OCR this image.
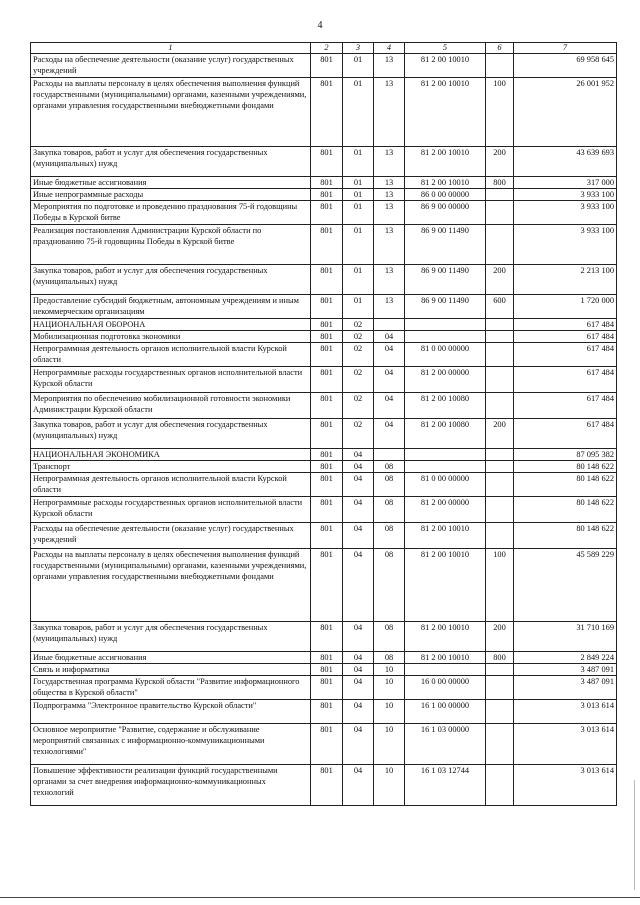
4
1	2	3	4	5	6	7
Расходы на обеспечение деятельности (оказание услуг) государственных учреждений	801	01	13	81 2 00 10010		69 958 645
Расходы на выплаты персоналу в целях обеспечения выполнения функций государственными (муниципальными) органами, казенными учреждениями, органами управления государственными внебюджетными фондами	801	01	13	81 2 00 10010	100	26 001 952
Закупка товаров, работ и услуг для обеспечения государственных (муниципальных) нужд	801	01	13	81 2 00 10010	200	43 639 693
Иные бюджетные ассигнования	801	01	13	81 2 00 10010	800	317 000
Иные непрограммные расходы	801	01	13	86 0 00 00000		3 933 100
Мероприятия по подготовке и проведению празднования 75-й годовщины Победы в Курской битве	801	01	13	86 9 00 00000		3 933 100
Реализация постановления Администрации Курской области по празднованию 75-й годовщины Победы в Курской битве	801	01	13	86 9 00 11490		3 933 100
Закупка товаров, работ и услуг для обеспечения государственных (муниципальных) нужд	801	01	13	86 9 00 11490	200	2 213 100
Предоставление субсидий бюджетным, автономным учреждениям и иным некоммерческим организациям	801	01	13	86 9 00 11490	600	1 720 000
НАЦИОНАЛЬНАЯ ОБОРОНА	801	02				617 484
Мобилизационная подготовка экономики	801	02	04			617 484
Непрограммная деятельность органов исполнительной власти Курской области	801	02	04	81 0 00 00000		617 484
Непрограммные расходы государственных органов исполнительной власти Курской области	801	02	04	81 2 00 00000		617 484
Мероприятия по обеспечению мобилизационной готовности экономики Администрации Курской области	801	02	04	81 2 00 10080		617 484
Закупка товаров, работ и услуг для обеспечения государственных (муниципальных) нужд	801	02	04	81 2 00 10080	200	617 484
НАЦИОНАЛЬНАЯ ЭКОНОМИКА	801	04				87 095 382
Транспорт	801	04	08			80 148 622
Непрограммная деятельность органов исполнительной власти Курской области	801	04	08	81 0 00 00000		80 148 622
Непрограммные расходы государственных органов исполнительной власти Курской области	801	04	08	81 2 00 00000		80 148 622
Расходы на обеспечение деятельности (оказание услуг) государственных учреждений	801	04	08	81 2 00 10010		80 148 622
Расходы на выплаты персоналу в целях обеспечения выполнения функций государственными (муниципальными) органами, казенными учреждениями, органами управления государственными внебюджетными фондами	801	04	08	81 2 00 10010	100	45 589 229
Закупка товаров, работ и услуг для обеспечения государственных (муниципальных) нужд	801	04	08	81 2 00 10010	200	31 710 169
Иные бюджетные ассигнования	801	04	08	81 2 00 10010	800	2 849 224
Связь и информатика	801	04	10			3 487 091
Государственная программа Курской области "Развитие информационного общества в Курской области"	801	04	10	16 0 00 00000		3 487 091
Подпрограмма "Электронное правительство Курской области"	801	04	10	16 1 00 00000		3 013 614
Основное мероприятие "Развитие, содержание и обслуживание мероприятий связанных с информационно-коммуникационными технологиями"	801	04	10	16 1 03 00000		3 013 614
Повышение эффективности реализации функций государственными органами за счет внедрения информационно-коммуникационных технологий	801	04	10	16 1 03 12744		3 013 614
